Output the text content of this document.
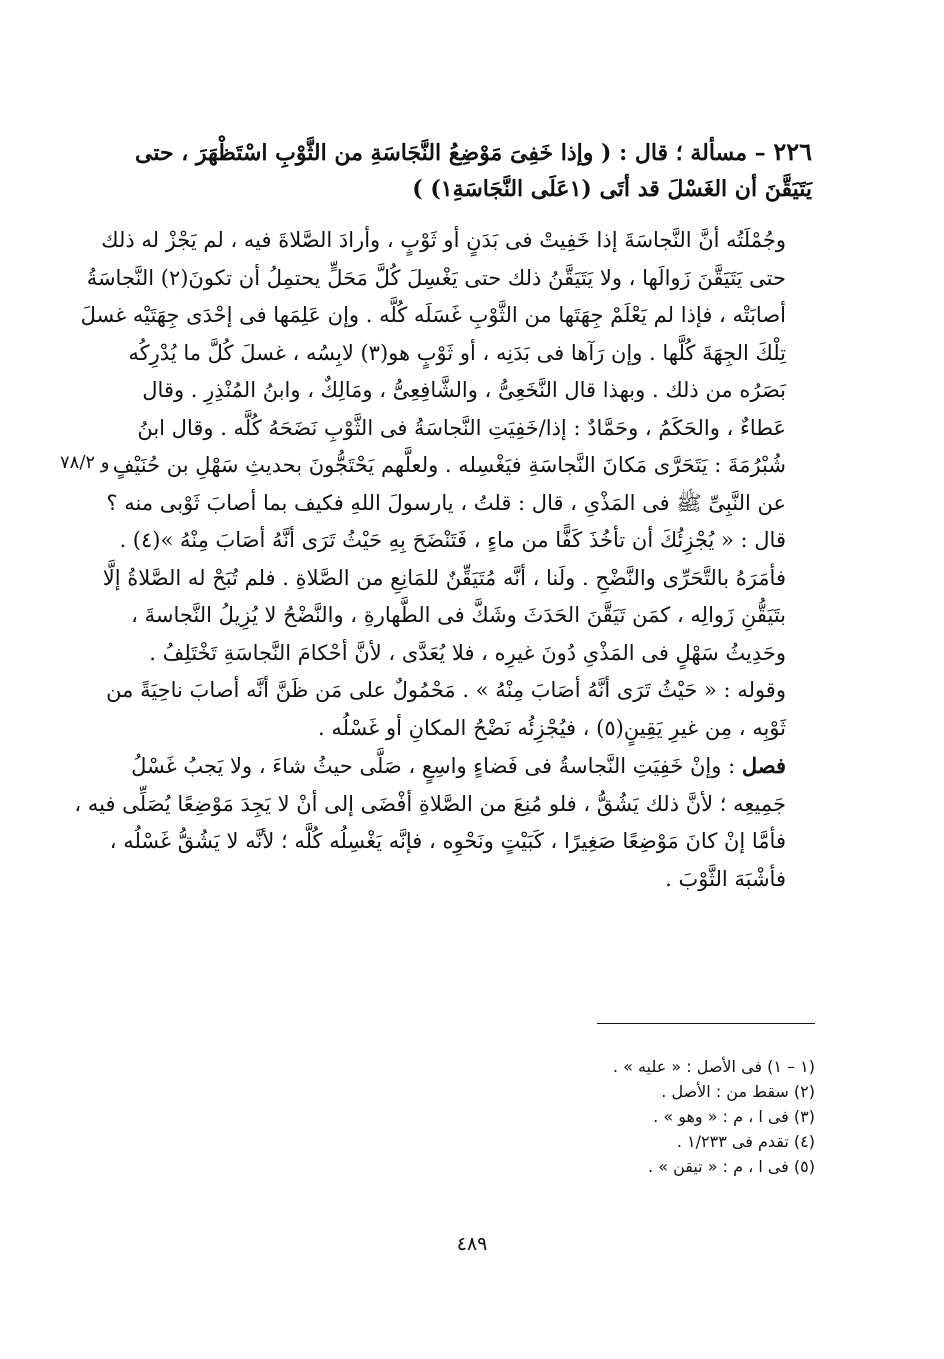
٢٢٦ – مسألة ؛ قال : ( وإذا خَفِىَ مَوْضِعُ النَّجَاسَةِ من الثَّوْبِ اسْتَظْهَرَ ، حتى
يَتَيَقَّنَ أن الغَسْلَ قد أتَى (١عَلَى النَّجَاسَةِ١) )
وجُمْلَتُه أنَّ النَّجاسَةَ إذا خَفِيتْ فى بَدَنٍ أو ثَوْبٍ ، وأرادَ الصَّلاةَ فيه ، لم يَجْزْ له ذلك
حتى يَتَيَقَّنَ زَوالَها ، ولا يَتَيَقَّنُ ذلك حتى يَغْسِلَ كُلَّ مَحَلٍّ يحتمِلُ أن تكونَ(٢) النَّجاسَةُ
أصابَتْه ، فإذا لم يَعْلَمْ جِهَتَها من الثَّوْبِ غَسَلَه كُلَّه . وإن عَلِمَها فى إحْدَى جِهَتَيْه غسلَ
تِلْكَ الجِهَةَ كُلَّها . وإن رَآها فى بَدَنِه ، أو ثَوْبٍ هو(٣) لابِسُه ، غسلَ كُلَّ ما يُدْرِكُه
بَصَرُه من ذلك . وبهذا قال النَّخَعِىُّ ، والشَّافِعِىُّ ، ومَالِكٌ ، وابنُ المُنْذِرِ . وقال
عَطاءٌ ، والحَكَمُ ، وحَمَّادٌ : إذا/خَفِيَتِ النَّجاسَةُ فى الثَّوْبِ نَضَحَهُ كُلَّه . وقال ابنُ
شُبْرُمَةَ : يَتَحَرَّى مَكانَ النَّجاسَةِ فيَغْسِله . ولعلَّهم يَحْتَجُّونَ بحديثِ سَهْلِ بن حُنَيْفٍ
عن النَّبِىِّ ﷺ فى المَذْىِ ، قال : قلتُ ، يارسولَ اللهِ فكيف بما أصابَ ثَوْبى منه ؟
قال : « يُجْزِئُكَ أن تأخُذَ كَفًّا من ماءٍ ، فَتَنْضَحَ بِهِ حَيْثُ تَرَى أنَّهُ أصَابَ مِنْهُ »(٤) .
فأمَرَهُ بالتَّحَرِّى والنَّضْحِ . ولَنا ، أنَّه مُتَيَقِّنٌ للمَانِعِ من الصَّلاةِ . فلم تُبَحْ له الصَّلاةُ إلَّا
بتَيَقُّنِ زَوالِه ، كمَن تَيَقَّنَ الحَدَثَ وشَكَّ فى الطَّهارةِ ، والنَّضْحُ لا يُزِيلُ النَّجاسةَ ،
وحَدِيثُ سَهْلٍ فى المَذْىِ دُونَ غيرِه ، فلا يُعَدَّى ، لأنَّ أحْكامَ النَّجاسَةِ تَخْتَلِفُ .
وقوله : « حَيْثُ تَرَى أنَّهُ أصَابَ مِنْهُ » . مَحْمُولٌ على مَن ظَنَّ أنَّه أصابَ ناحِيَةً من
ثَوْبِه ، مِن غيرِ يَقِينٍ(٥) ، فيُجْزِئُه نَضْحُ المكانِ أو غَسْلُه .
فصل : وإنْ خَفِيَتِ النَّجاسةُ فى فَضاءٍ واسِعٍ ، صَلَّى حيثُ شاءَ ، ولا يَجبُ غَسْلُ
جَمِيعِه ؛ لأنَّ ذلك يَشُقُّ ، فلو مُنِعَ من الصَّلاةِ أفْضَى إلى أنْ لا يَجِدَ مَوْضِعًا يُصَلِّى فيه ،
فأمَّا إنْ كانَ مَوْضِعًا صَغِيرًا ، كَبَيْتٍ ونَحْوِه ، فإنَّه يَغْسِلُه كُلَّه ؛ لأنَّه لا يَشُقُّ غَسْلُه ،
فأشْبَهَ الثَّوْبَ .
و ٧٨/٢
(١ – ١) فى الأصل : « عليه » .
(٢) سقط من : الأصل .
(٣) فى ا ، م : « وهو » .
(٤) تقدم فى ١/٢٣٣ .
(٥) فى ا ، م : « تيقن » .
٤٨٩
